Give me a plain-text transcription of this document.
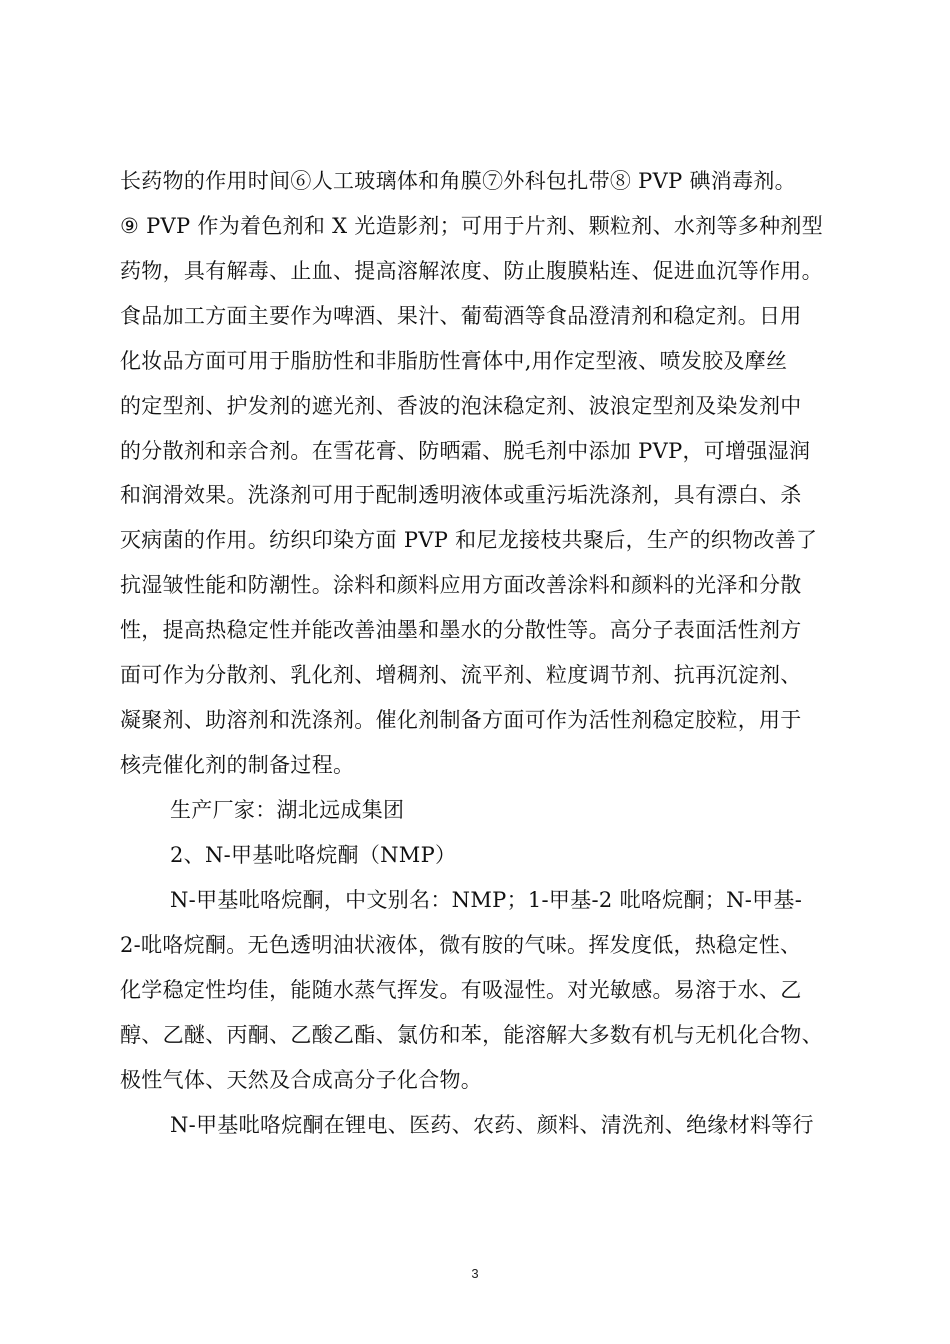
长药物的作用时间⑥人工玻璃体和角膜⑦外科包扎带⑧ PVP 碘消毒剂。
⑨ PVP 作为着色剂和 X 光造影剂；可用于片剂、颗粒剂、水剂等多种剂型
药物，具有解毒、止血、提高溶解浓度、防止腹膜粘连、促进血沉等作用。
食品加工方面主要作为啤酒、果汁、葡萄酒等食品澄清剂和稳定剂。日用
化妆品方面可用于脂肪性和非脂肪性膏体中,用作定型液、喷发胶及摩丝
的定型剂、护发剂的遮光剂、香波的泡沫稳定剂、波浪定型剂及染发剂中
的分散剂和亲合剂。在雪花膏、防晒霜、脱毛剂中添加 PVP，可增强湿润
和润滑效果。洗涤剂可用于配制透明液体或重污垢洗涤剂，具有漂白、杀
灭病菌的作用。纺织印染方面 PVP 和尼龙接枝共聚后，生产的织物改善了
抗湿皱性能和防潮性。涂料和颜料应用方面改善涂料和颜料的光泽和分散
性，提高热稳定性并能改善油墨和墨水的分散性等。高分子表面活性剂方
面可作为分散剂、乳化剂、增稠剂、流平剂、粒度调节剂、抗再沉淀剂、
凝聚剂、助溶剂和洗涤剂。催化剂制备方面可作为活性剂稳定胶粒，用于
核壳催化剂的制备过程。
生产厂家：湖北远成集团
2、N-甲基吡咯烷酮（NMP）
N-甲基吡咯烷酮，中文别名：NMP；1-甲基-2 吡咯烷酮；N-甲基-
2-吡咯烷酮。无色透明油状液体，微有胺的气味。挥发度低，热稳定性、
化学稳定性均佳，能随水蒸气挥发。有吸湿性。对光敏感。易溶于水、乙
醇、乙醚、丙酮、乙酸乙酯、氯仿和苯，能溶解大多数有机与无机化合物、
极性气体、天然及合成高分子化合物。
N-甲基吡咯烷酮在锂电、医药、农药、颜料、清洗剂、绝缘材料等行
3
